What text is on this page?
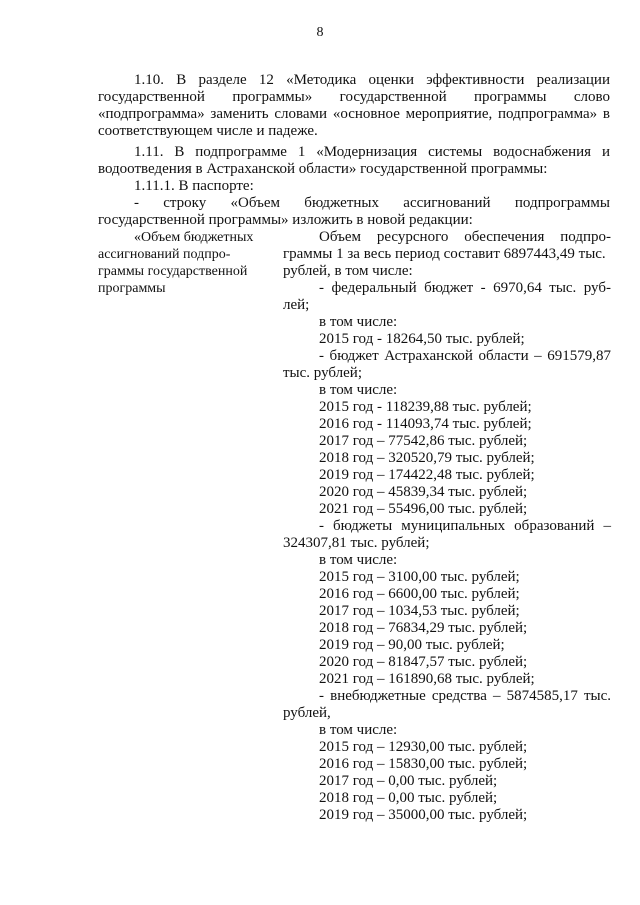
8
1.10. В разделе 12 «Методика оценки эффективности реализации государственной программы» государственной программы слово «подпрограмма» заменить словами «основное мероприятие, подпрограмма» в соответствующем числе и падеже.
1.11. В подпрограмме 1 «Модернизация системы водоснабжения и водоотведения в Астраханской области» государственной программы:
1.11.1. В паспорте:
- строку «Объем бюджетных ассигнований подпрограммы государственной программы» изложить в новой редакции:
«Объем бюджетных
ассигнований подпро-
граммы государственной
программы
Объем ресурсного обеспечения подпро-
граммы 1 за весь период составит 6897443,49 тыс.
рублей, в том числе:
- федеральный бюджет - 6970,64 тыс. руб-
лей;
в том числе:
2015 год - 18264,50 тыс. рублей;
- бюджет Астраханской области – 691579,87
тыс. рублей;
в том числе:
2015 год - 118239,88 тыс. рублей;
2016 год - 114093,74 тыс. рублей;
2017 год – 77542,86 тыс. рублей;
2018 год – 320520,79 тыс. рублей;
2019 год – 174422,48 тыс. рублей;
2020 год – 45839,34 тыс. рублей;
2021 год – 55496,00 тыс. рублей;
- бюджеты муниципальных образований –
324307,81 тыс. рублей;
в том числе:
2015 год – 3100,00 тыс. рублей;
2016 год – 6600,00 тыс. рублей;
2017 год – 1034,53 тыс. рублей;
2018 год – 76834,29 тыс. рублей;
2019 год – 90,00 тыс. рублей;
2020 год – 81847,57 тыс. рублей;
2021 год – 161890,68 тыс. рублей;
- внебюджетные средства – 5874585,17 тыс.
рублей,
в том числе:
2015 год – 12930,00 тыс. рублей;
2016 год – 15830,00 тыс. рублей;
2017 год – 0,00 тыс. рублей;
2018 год – 0,00 тыс. рублей;
2019 год – 35000,00 тыс. рублей;
